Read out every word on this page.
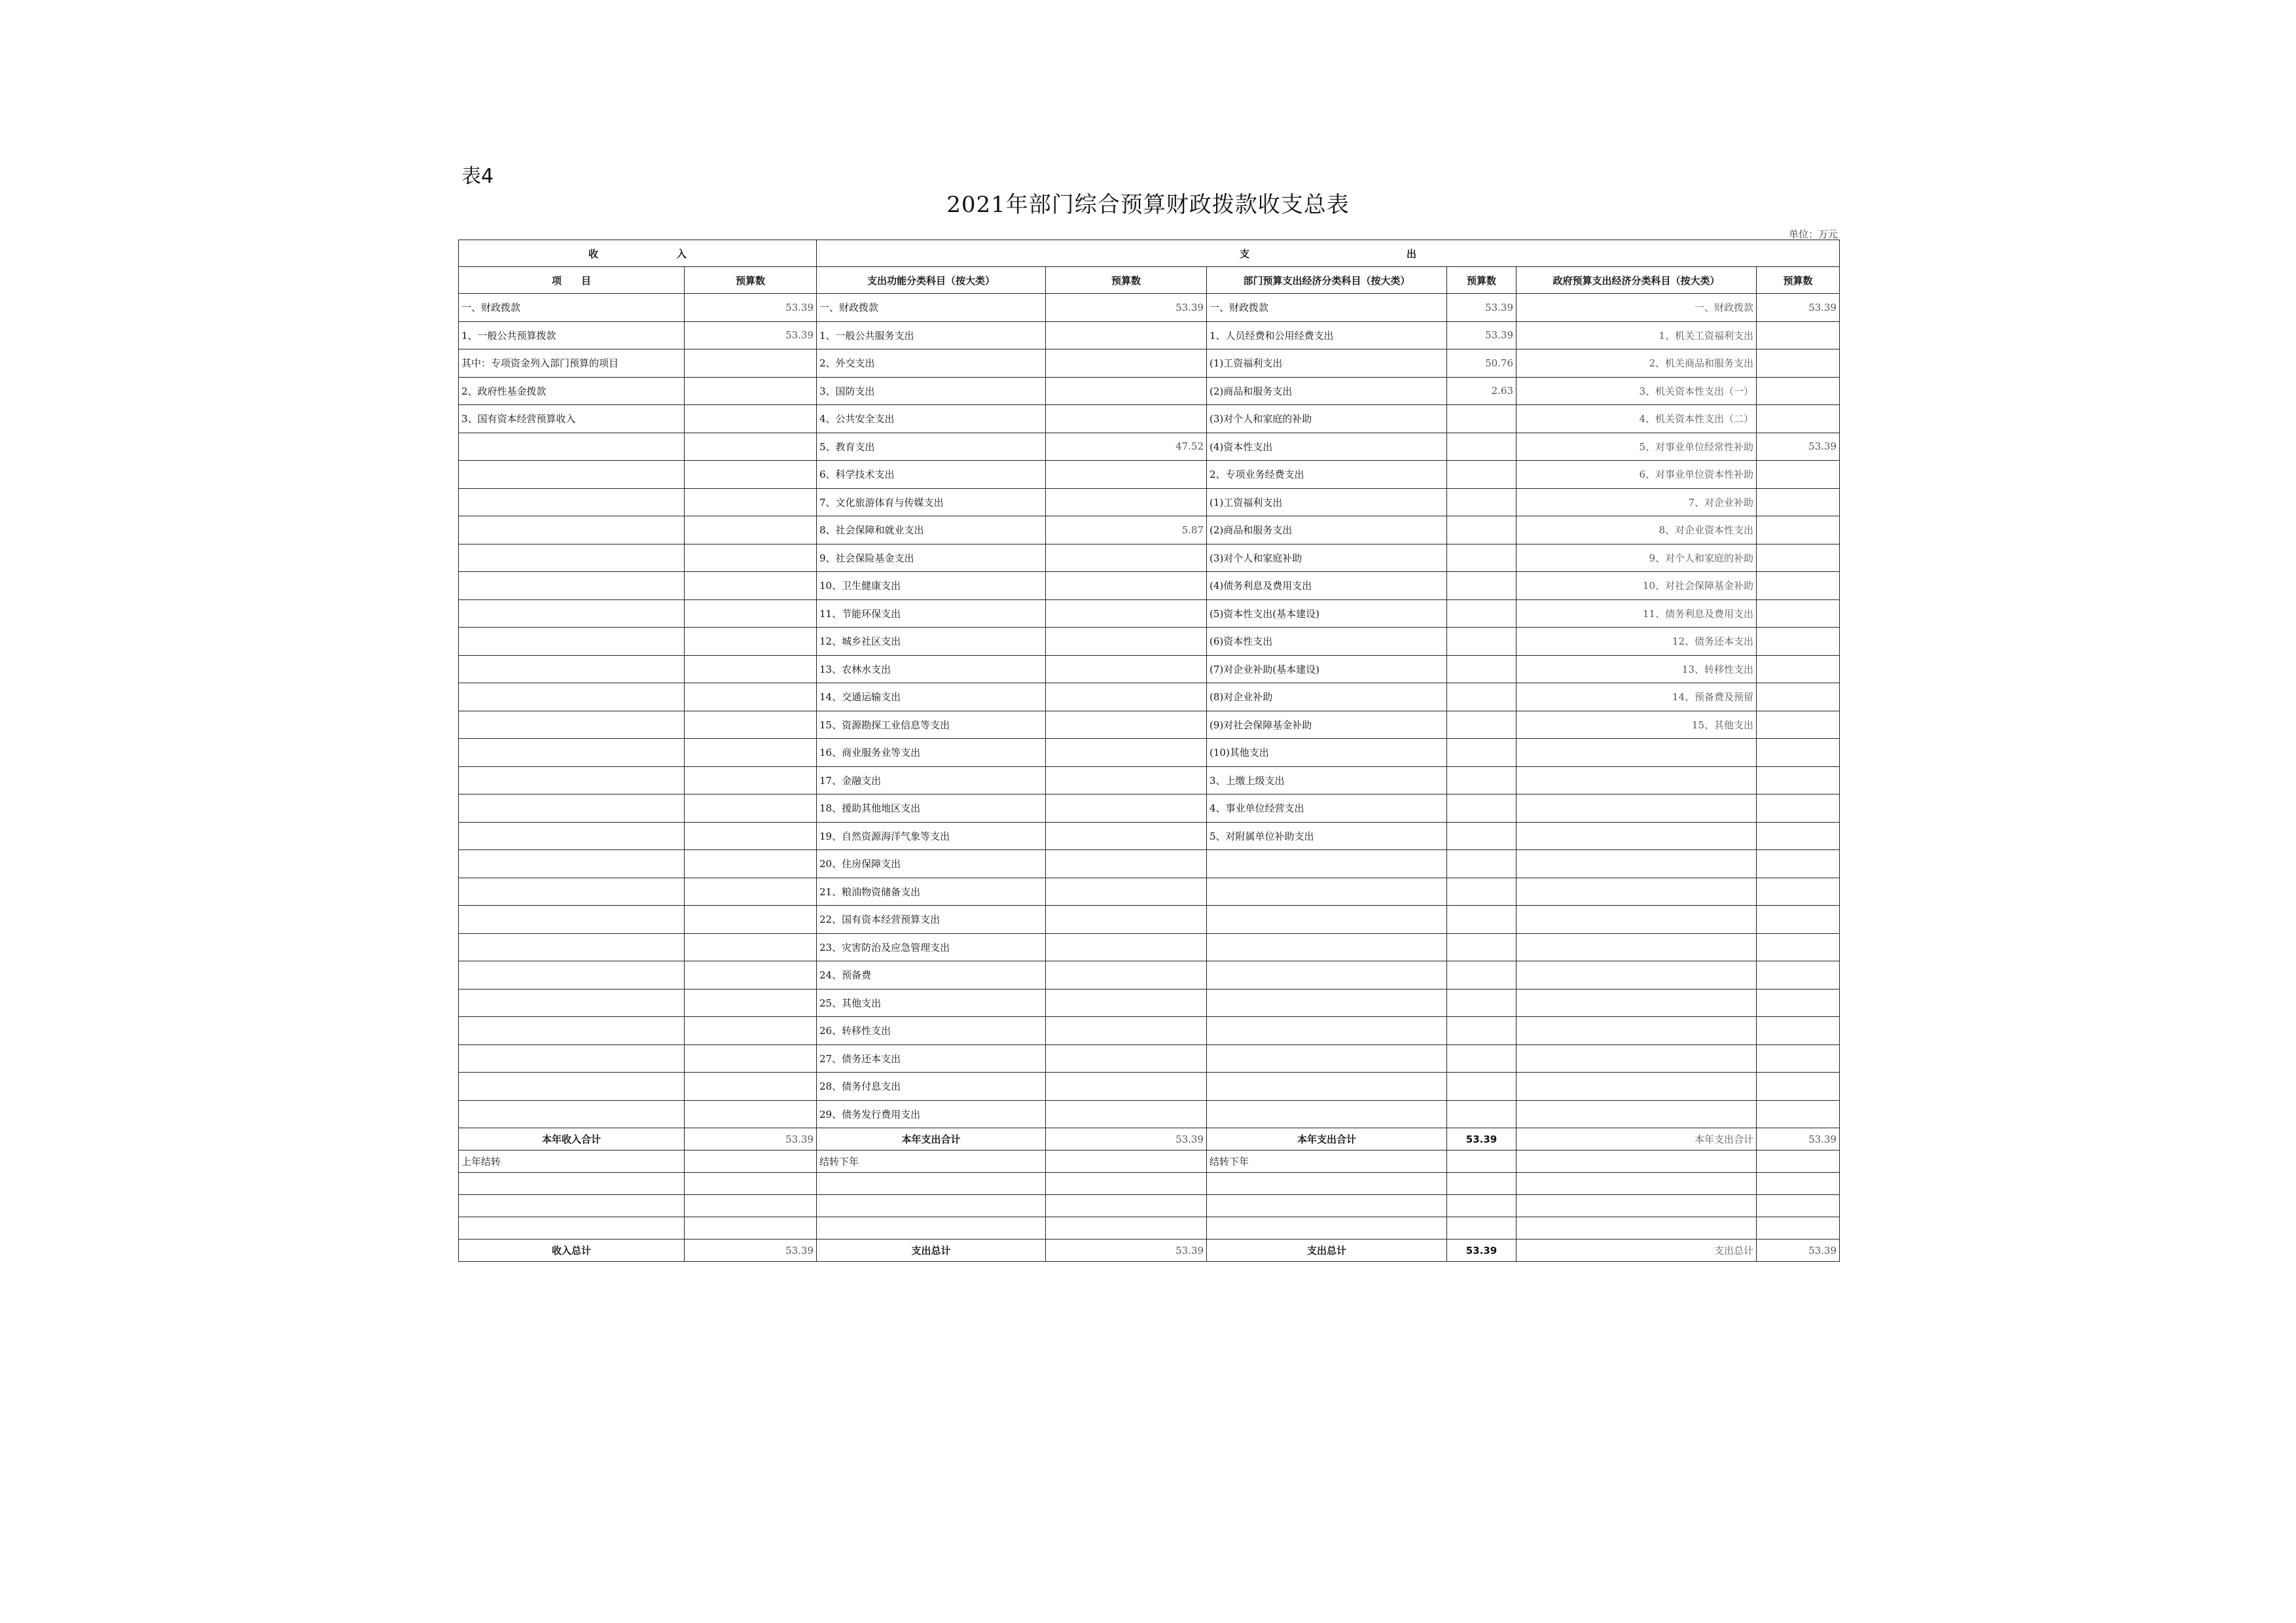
表4
2021年部门综合预算财政拨款收支总表
单位：万元
收　　　　　　　　入		支　　　　　　　　　　　　　　　　出					
项　　目	预算数	支出功能分类科目（按大类）	预算数	部门预算支出经济分类科目（按大类）	预算数	政府预算支出经济分类科目（按大类）	预算数
一、财政拨款	53.39	一、财政拨款	53.39	一、财政拨款	53.39	一、财政拨款	53.39
1、一般公共预算拨款	53.39	1、一般公共服务支出		1、人员经费和公用经费支出	53.39	1、机关工资福利支出	
其中：专项资金列入部门预算的项目		2、外交支出		(1)工资福利支出	50.76	2、机关商品和服务支出	
2、政府性基金拨款		3、国防支出		(2)商品和服务支出	2.63	3、机关资本性支出（一）	
3、国有资本经营预算收入		4、公共安全支出		(3)对个人和家庭的补助		4、机关资本性支出（二）	
		5、教育支出	47.52	(4)资本性支出		5、对事业单位经常性补助	53.39
		6、科学技术支出		2、专项业务经费支出		6、对事业单位资本性补助	
		7、文化旅游体育与传媒支出		(1)工资福利支出		7、对企业补助	
		8、社会保障和就业支出	5.87	(2)商品和服务支出		8、对企业资本性支出	
		9、社会保险基金支出		(3)对个人和家庭补助		9、对个人和家庭的补助	
		10、卫生健康支出		(4)债务利息及费用支出		10、对社会保障基金补助	
		11、节能环保支出		(5)资本性支出(基本建设)		11、债务利息及费用支出	
		12、城乡社区支出		(6)资本性支出		12、债务还本支出	
		13、农林水支出		(7)对企业补助(基本建设)		13、转移性支出	
		14、交通运输支出		(8)对企业补助		14、预备费及预留	
		15、资源勘探工业信息等支出		(9)对社会保障基金补助		15、其他支出	
		16、商业服务业等支出		(10)其他支出			
		17、金融支出		3、上缴上级支出			
		18、援助其他地区支出		4、事业单位经营支出			
		19、自然资源海洋气象等支出		5、对附属单位补助支出			
		20、住房保障支出					
		21、粮油物资储备支出					
		22、国有资本经营预算支出					
		23、灾害防治及应急管理支出					
		24、预备费					
		25、其他支出					
		26、转移性支出					
		27、债务还本支出					
		28、债务付息支出					
		29、债务发行费用支出					
本年收入合计	53.39	本年支出合计	53.39	本年支出合计	53.39	本年支出合计	53.39
上年结转		结转下年		结转下年			

收入总计	53.39	支出总计	53.39	支出总计	53.39	支出总计	53.39
